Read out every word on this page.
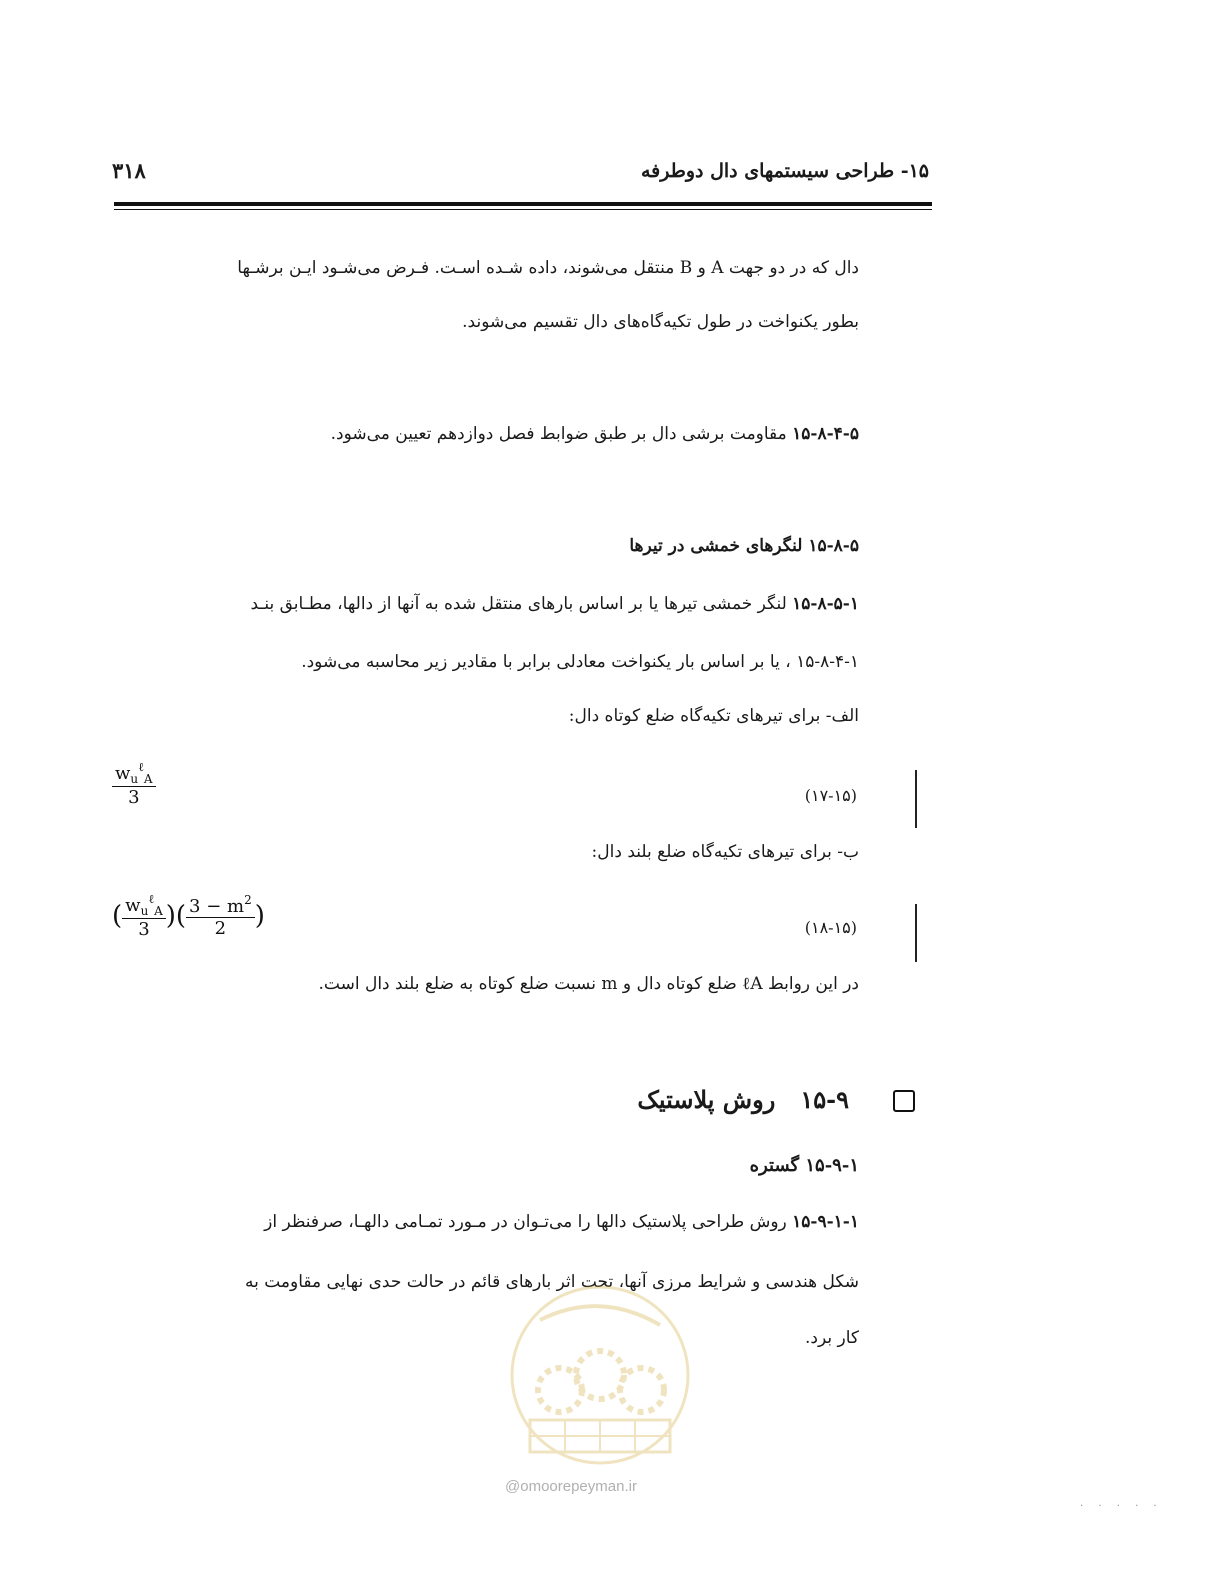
۱۵- طراحی سیستمهای دال دوطرفه
۳۱۸
دال که در دو جهت A و B منتقل می‌شوند، داده شـده اسـت. فـرض می‌شـود ایـن برشـها
بطور یکنواخت در طول تکیه‌گاه‌های دال تقسیم می‌شوند.
۱۵-۸-۴-۵ مقاومت برشی دال بر طبق ضوابط فصل دوازدهم تعیین می‌شود.
۱۵-۸-۵ لنگرهای خمشی در تیرها
۱۵-۸-۵-۱ لنگر خمشی تیرها یا بر اساس بارهای منتقل شده به آنها از دالها، مطـابق بنـد
۱۵-۸-۴-۱ ، یا بر اساس بار یکنواخت معادلی برابر با مقادیر زیر محاسبه می‌شود.
الف- برای تیرهای تکیه‌گاه ضلع کوتاه دال:
$\frac{w_u^\ell_A}{3}$	(۱۷-۱۵)
ب- برای تیرهای تکیه‌گاه ضلع بلند دال:
( $\frac{w_u^\ell_A}{3}$ )( $\frac{3 - m^2}{2}$ )	(۱۸-۱۵)
در این روابط ℓA ضلع کوتاه دال و m نسبت ضلع کوتاه به ضلع بلند دال است.
۱۵-۹   روش پلاستیک
۱۵-۹-۱ گستره
۱۵-۹-۱-۱ روش طراحی پلاستیک دالها را می‌تـوان در مـورد تمـامی دالهـا، صرفنظر از
شکل هندسی و شرایط مرزی آنها، تحت اثر بارهای قائم در حالت حدی نهایی مقاومت به
کار برد.
@omoorepeyman.ir
. . . . .
